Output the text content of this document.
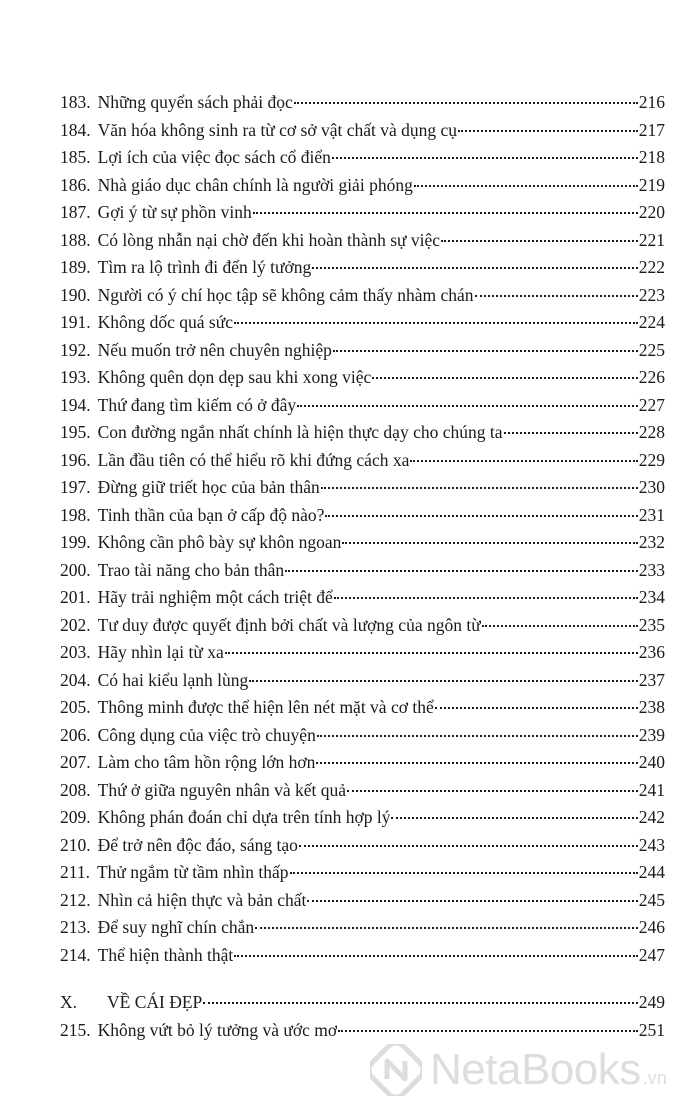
183. Những quyển sách phải đọc	216
184. Văn hóa không sinh ra từ cơ sở vật chất và dụng cụ	217
185. Lợi ích của việc đọc sách cổ điển	218
186. Nhà giáo dục chân chính là người giải phóng	219
187. Gợi ý từ sự phồn vinh	220
188. Có lòng nhẫn nại chờ đến khi hoàn thành sự việc	221
189. Tìm ra lộ trình đi đến lý tưởng	222
190. Người có ý chí học tập sẽ không cảm thấy nhàm chán	223
191. Không dốc quá sức	224
192. Nếu muốn trở nên chuyên nghiệp	225
193. Không quên dọn dẹp sau khi xong việc	226
194. Thứ đang tìm kiếm có ở đây	227
195. Con đường ngắn nhất chính là hiện thực dạy cho chúng ta	228
196. Lần đầu tiên có thể hiểu rõ khi đứng cách xa	229
197. Đừng giữ triết học của bản thân	230
198. Tinh thần của bạn ở cấp độ nào?	231
199. Không cần phô bày sự khôn ngoan	232
200. Trao tài năng cho bản thân	233
201. Hãy trải nghiệm một cách triệt để	234
202. Tư duy được quyết định bởi chất và lượng của ngôn từ	235
203. Hãy nhìn lại từ xa	236
204. Có hai kiểu lạnh lùng	237
205. Thông minh được thể hiện lên nét mặt và cơ thể	238
206. Công dụng của việc trò chuyện	239
207. Làm cho tâm hồn rộng lớn hơn	240
208. Thứ ở giữa nguyên nhân và kết quả	241
209. Không phán đoán chỉ dựa trên tính hợp lý	242
210. Để trở nên độc đáo, sáng tạo	243
211. Thử ngắm từ tầm nhìn thấp	244
212. Nhìn cả hiện thực và bản chất	245
213. Để suy nghĩ chín chắn	246
214. Thể hiện thành thật	247
X. VỀ CÁI ĐẸP	249
215. Không vứt bỏ lý tưởng và ước mơ	251
NetaBooks .vn
